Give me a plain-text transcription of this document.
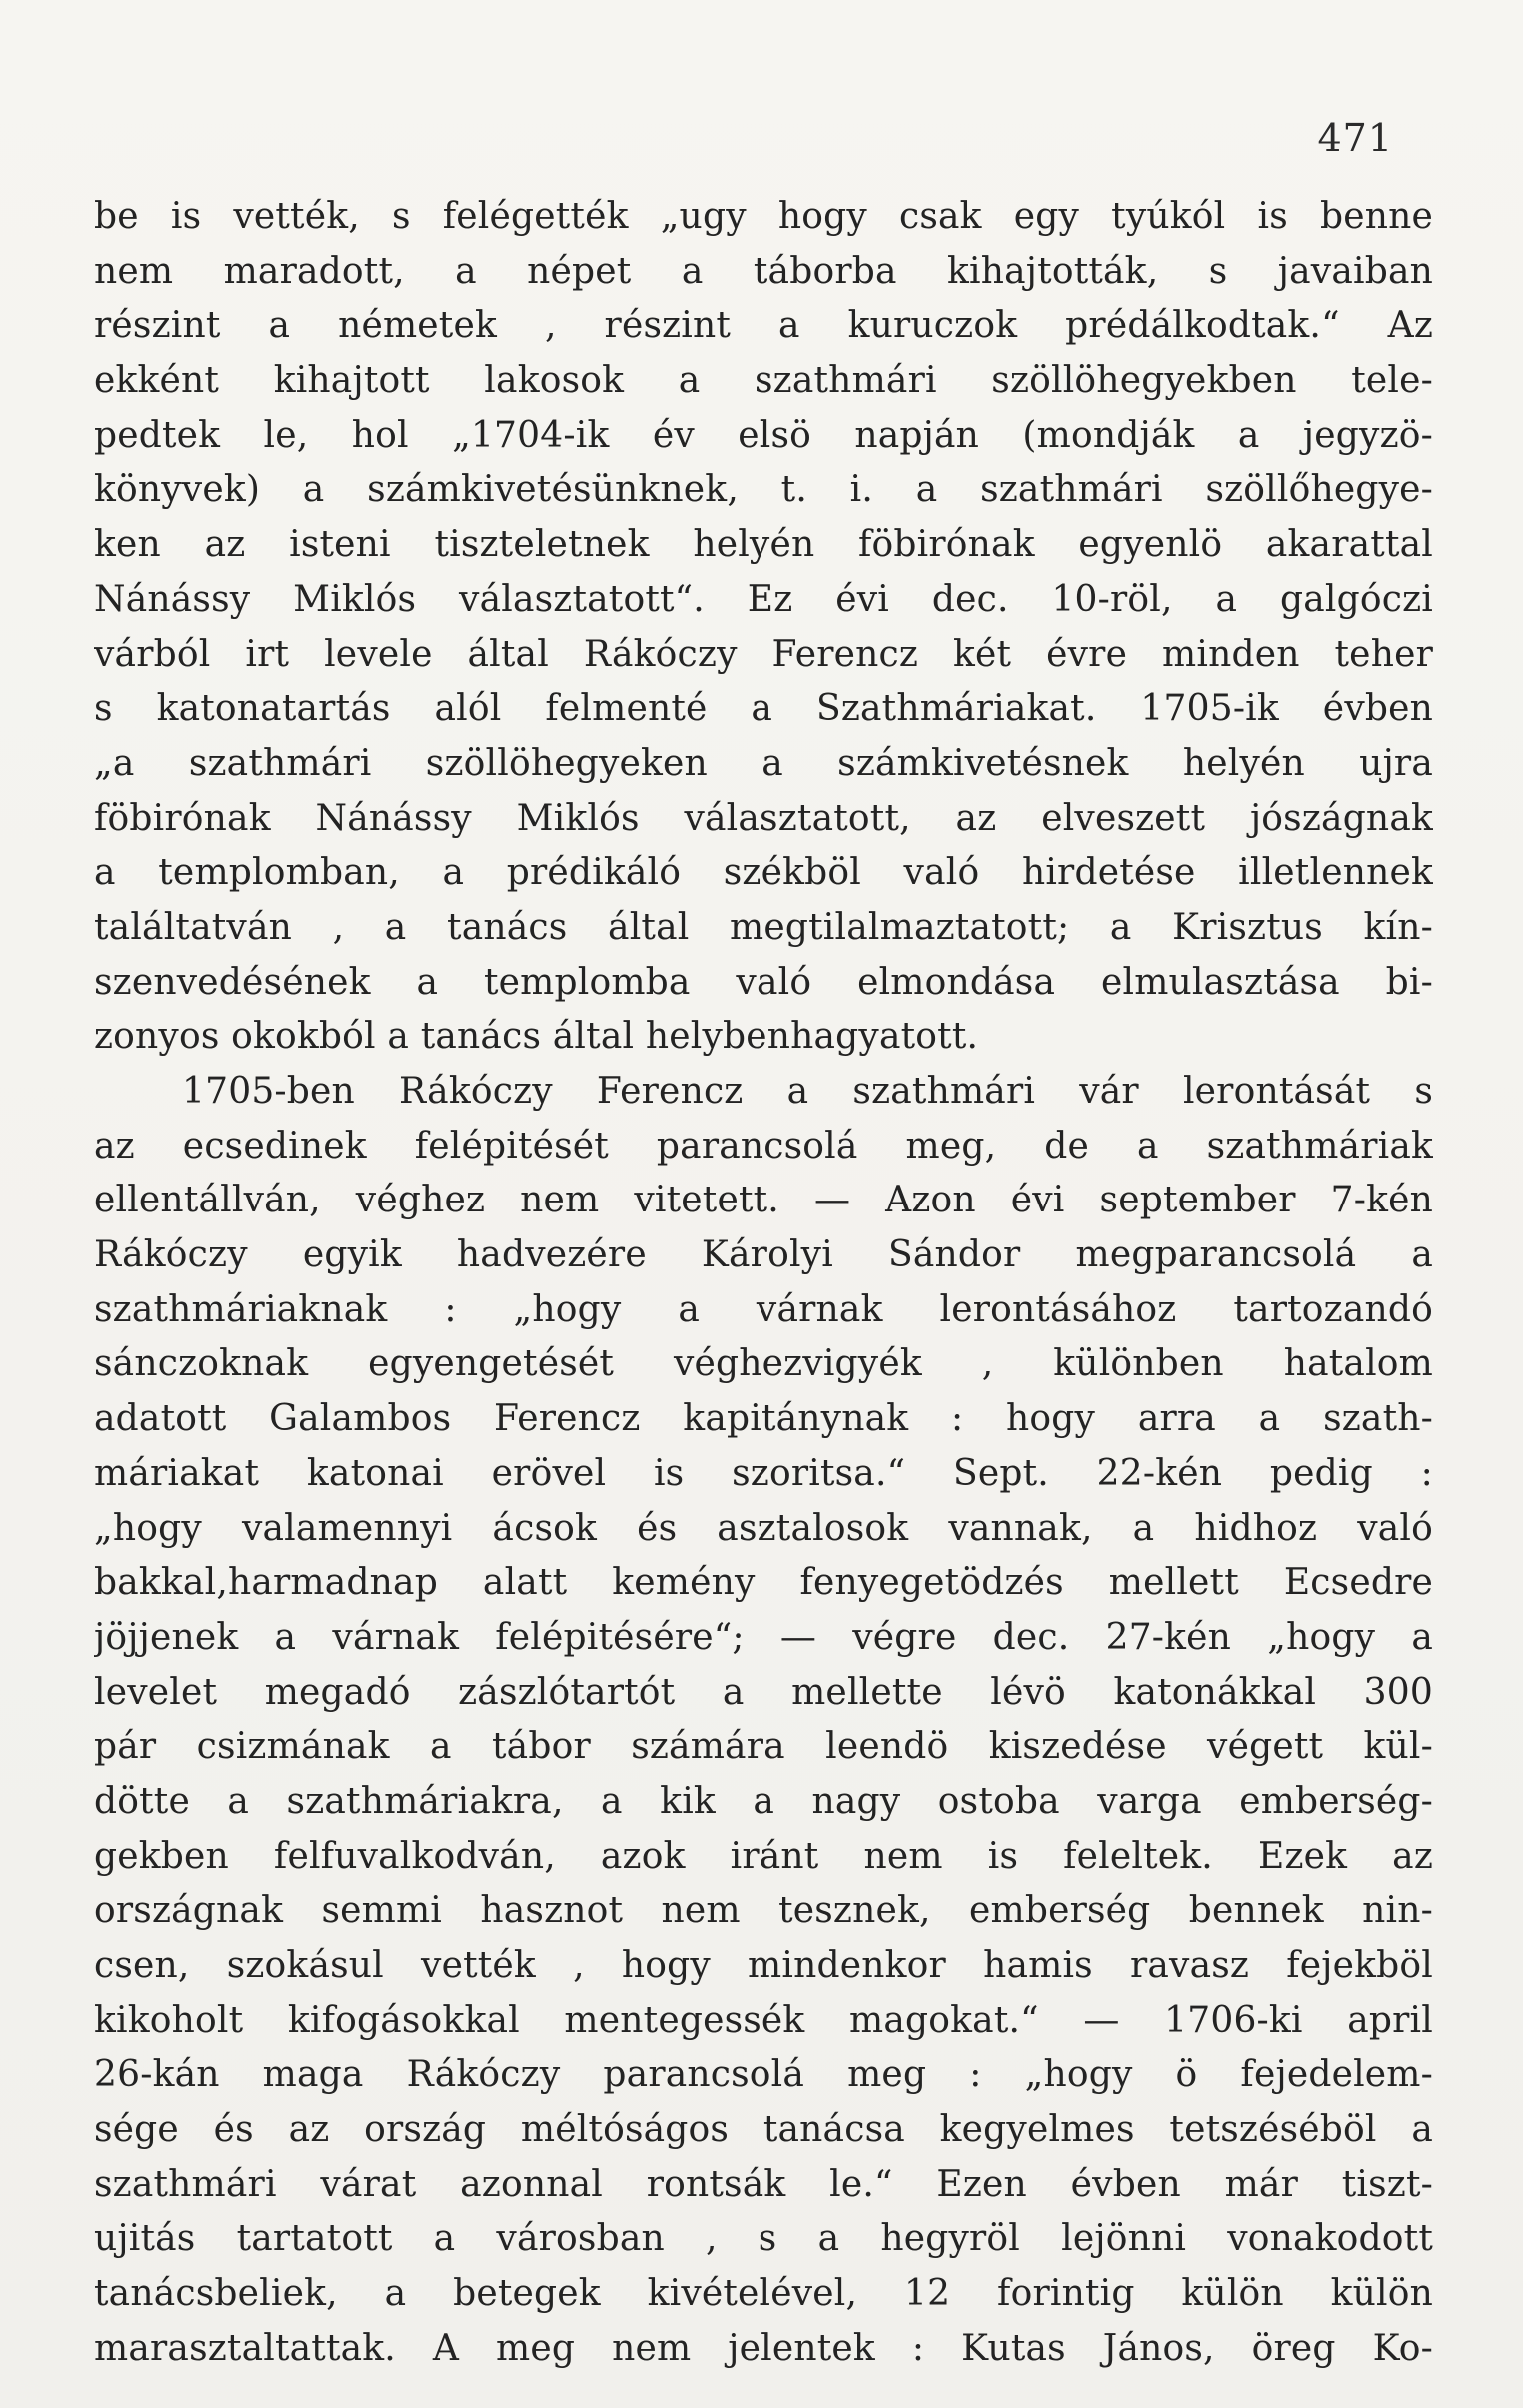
471
be is vették, s felégették „ugy hogy csak egy tyúkól is benne
nem maradott, a népet a táborba kihajtották, s javaiban
részint a németek , részint a kuruczok prédálkodtak.“ Az
ekként kihajtott lakosok a szathmári szöllöhegyekben tele-
pedtek le, hol „1704-ik év elsö napján (mondják a jegyzö-
könyvek) a számkivetésünknek, t. i. a szathmári szöllőhegye-
ken az isteni tiszteletnek helyén föbirónak egyenlö akarattal
Nánássy Miklós választatott“. Ez évi dec. 10-röl, a galgóczi
várból irt levele által Rákóczy Ferencz két évre minden teher
s katonatartás alól felmenté a Szathmáriakat. 1705-ik évben
„a szathmári szöllöhegyeken a számkivetésnek helyén ujra
föbirónak Nánássy Miklós választatott, az elveszett jószágnak
a templomban, a prédikáló székböl való hirdetése illetlennek
találtatván , a tanács által megtilalmaztatott; a Krisztus kín-
szenvedésének a templomba való elmondása elmulasztása bi-
zonyos okokból a tanács által helybenhagyatott.
1705-ben Rákóczy Ferencz a szathmári vár lerontását s
az ecsedinek felépitését parancsolá meg, de a szathmáriak
ellentállván, véghez nem vitetett. — Azon évi september 7-kén
Rákóczy egyik hadvezére Károlyi Sándor megparancsolá a
szathmáriaknak : „hogy a várnak lerontásához tartozandó
sánczoknak egyengetését véghezvigyék , különben hatalom
adatott Galambos Ferencz kapitánynak : hogy arra a szath-
máriakat katonai erövel is szoritsa.“ Sept. 22-kén pedig :
„hogy valamennyi ácsok és asztalosok vannak, a hidhoz való
bakkal,harmadnap alatt kemény fenyegetödzés mellett Ecsedre
jöjjenek a várnak felépitésére“; — végre dec. 27-kén „hogy a
levelet megadó zászlótartót a mellette lévö katonákkal 300
pár csizmának a tábor számára leendö kiszedése végett kül-
dötte a szathmáriakra, a kik a nagy ostoba varga emberség-
gekben felfuvalkodván, azok iránt nem is feleltek. Ezek az
országnak semmi hasznot nem tesznek, emberség bennek nin-
csen, szokásul vették , hogy mindenkor hamis ravasz fejekböl
kikoholt kifogásokkal mentegessék magokat.“ — 1706-ki april
26-kán maga Rákóczy parancsolá meg : „hogy ö fejedelem-
sége és az ország méltóságos tanácsa kegyelmes tetszéséböl a
szathmári várat azonnal rontsák le.“ Ezen évben már tiszt-
ujitás tartatott a városban , s a hegyröl lejönni vonakodott
tanácsbeliek, a betegek kivételével, 12 forintig külön külön
marasztaltattak. A meg nem jelentek : Kutas János, öreg Ko-
